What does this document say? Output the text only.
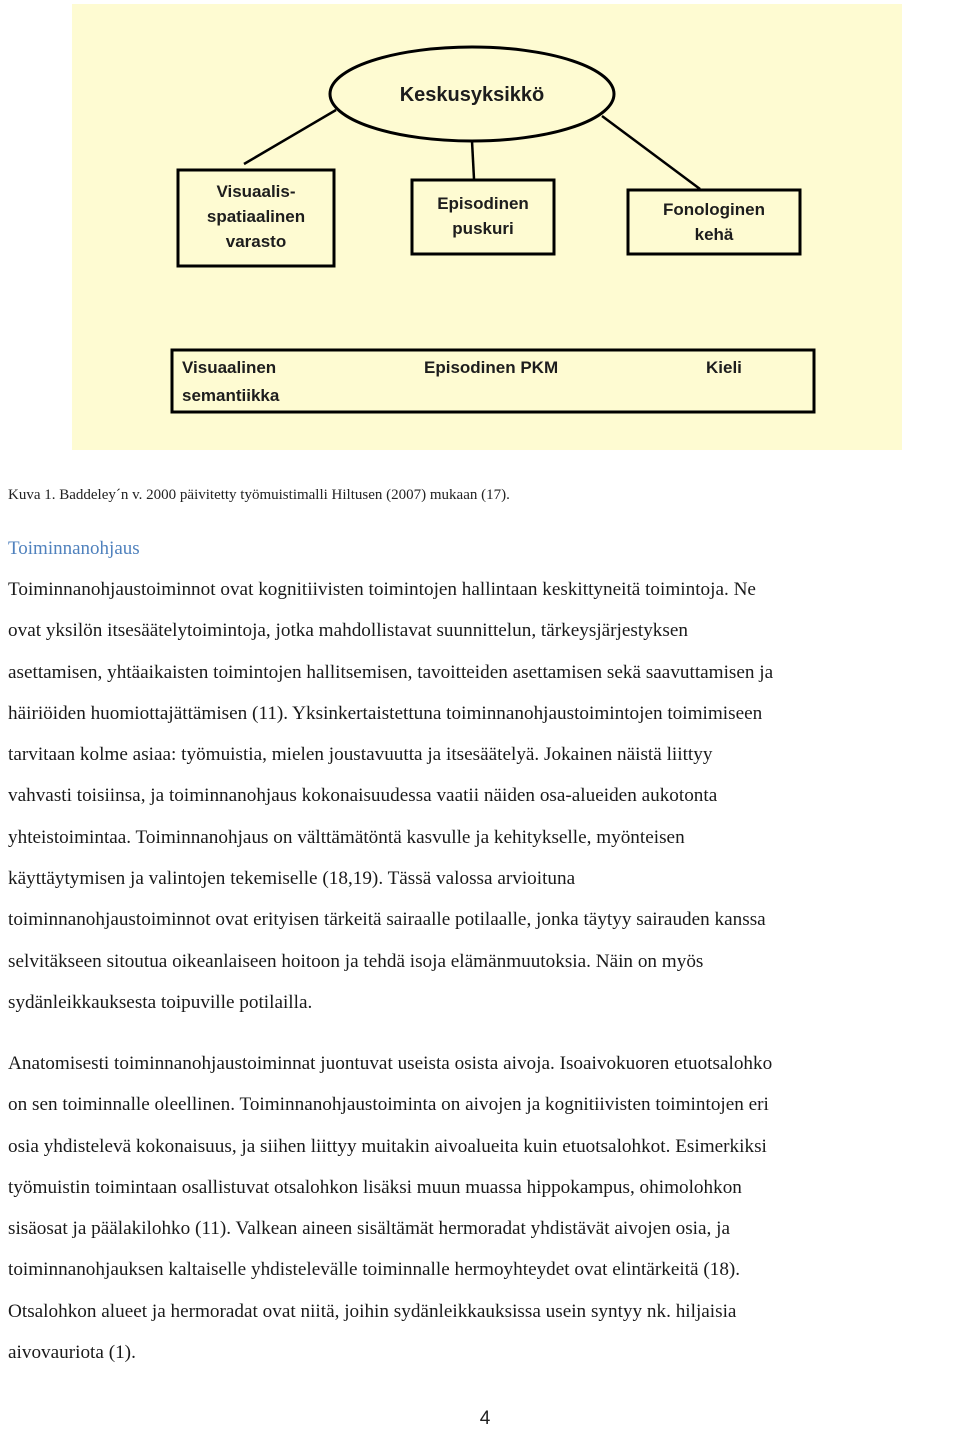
Keskusyksikkö
Visuaalis-
spatiaalinen
varasto
Episodinen
puskuri
Fonologinen
kehä
Visuaalinen
semantiikka
Episodinen PKM	Kieli
Kuva 1. Baddeley´n v. 2000 päivitetty työmuistimalli Hiltusen (2007) mukaan (17).
Toiminnanohjaus
Toiminnanohjaustoiminnot ovat kognitiivisten toimintojen hallintaan keskittyneitä toimintoja. Ne
ovat yksilön itsesäätelytoimintoja, jotka mahdollistavat suunnittelun, tärkeysjärjestyksen
asettamisen, yhtäaikaisten toimintojen hallitsemisen, tavoitteiden asettamisen sekä saavuttamisen ja
häiriöiden huomiottajättämisen (11). Yksinkertaistettuna toiminnanohjaustoimintojen toimimiseen
tarvitaan kolme asiaa: työmuistia, mielen joustavuutta ja itsesäätelyä. Jokainen näistä liittyy
vahvasti toisiinsa, ja toiminnanohjaus kokonaisuudessa vaatii näiden osa-alueiden aukotonta
yhteistoimintaa. Toiminnanohjaus on välttämätöntä kasvulle ja kehitykselle, myönteisen
käyttäytymisen ja valintojen tekemiselle (18,19). Tässä valossa arvioituna
toiminnanohjaustoiminnot ovat erityisen tärkeitä sairaalle potilaalle, jonka täytyy sairauden kanssa
selvitäkseen sitoutua oikeanlaiseen hoitoon ja tehdä isoja elämänmuutoksia. Näin on myös
sydänleikkauksesta toipuville potilailla.
Anatomisesti toiminnanohjaustoiminnat juontuvat useista osista aivoja. Isoaivokuoren etuotsalohko
on sen toiminnalle oleellinen. Toiminnanohjaustoiminta on aivojen ja kognitiivisten toimintojen eri
osia yhdistelevä kokonaisuus, ja siihen liittyy muitakin aivoalueita kuin etuotsalohkot. Esimerkiksi
työmuistin toimintaan osallistuvat otsalohkon lisäksi muun muassa hippokampus, ohimolohkon
sisäosat ja päälakilohko (11). Valkean aineen sisältämät hermoradat yhdistävät aivojen osia, ja
toiminnanohjauksen kaltaiselle yhdistelevälle toiminnalle hermoyhteydet ovat elintärkeitä (18).
Otsalohkon alueet ja hermoradat ovat niitä, joihin sydänleikkauksissa usein syntyy nk. hiljaisia
aivovauriota (1).
4
